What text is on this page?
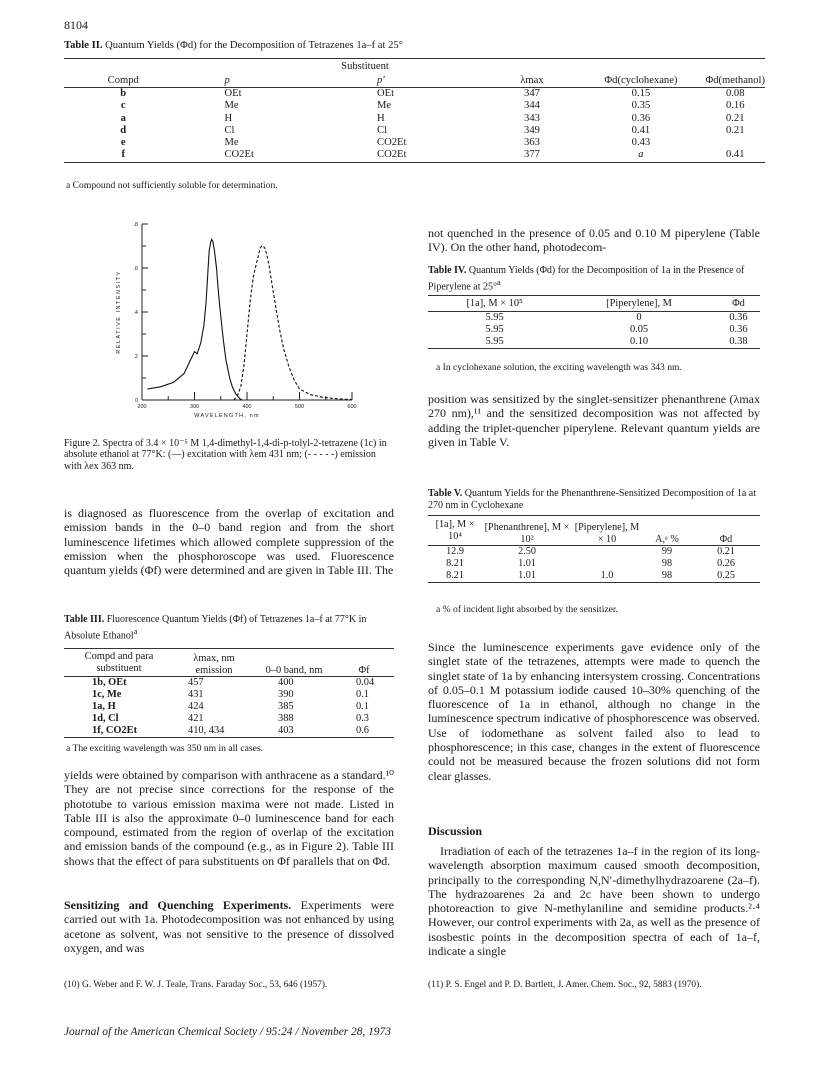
8104
Table II. Quantum Yields (Φd) for the Decomposition of Tetrazenes 1a–f at 25°
	Substituent				
Compd	p	p′	λmax	Φd(cyclohexane)	Φd(methanol)
b	OEt	OEt	347	0.15	0.08
c	Me	Me	344	0.35	0.16
a	H	H	343	0.36	0.21
d	Cl	Cl	349	0.41	0.21
e	Me	CO2Et	363	0.43	
f	CO2Et	CO2Et	377	a	0.41
a Compound not sufficiently soluble for determination.
.8
.6
.4
.2
0
200	300	400	500	600
WAVELENGTH, nm
RELATIVE INTENSITY
Figure 2. Spectra of 3.4 × 10⁻⁵ M 1,4-dimethyl-1,4-di-p-tolyl-2-tetrazene (1c) in absolute ethanol at 77°K: (—) excitation with λem 431 nm; (- - - - -) emission with λex 363 nm.
is diagnosed as fluorescence from the overlap of excitation and emission bands in the 0–0 band region and from the short luminescence lifetimes which allowed complete suppression of the emission when the phosphoroscope was used. Fluorescence quantum yields (Φf) were determined and are given in Table III. The
Table III. Fluorescence Quantum Yields (Φf) of Tetrazenes 1a–f at 77°K in Absolute Ethanol$^a$
Compd and para substituent	λmax, nm emission	0–0 band, nm	Φf
1b, OEt	457	400	0.04
1c, Me	431	390	0.1
1a, H	424	385	0.1
1d, Cl	421	388	0.3
1f, CO2Et	410, 434	403	0.6
a The exciting wavelength was 350 nm in all cases.
yields were obtained by comparison with anthracene as a standard.¹⁰ They are not precise since corrections for the response of the phototube to various emission maxima were not made. Listed in Table III is also the approximate 0–0 luminescence band for each compound, estimated from the region of overlap of the excitation and emission bands of the compound (e.g., as in Figure 2). Table III shows that the effect of para substituents on Φf parallels that on Φd.
Sensitizing and Quenching Experiments. Experiments were carried out with 1a. Photodecomposition was not enhanced by using acetone as solvent, was not sensitive to the presence of dissolved oxygen, and was
(10) G. Weber and F. W. J. Teale, Trans. Faraday Soc., 53, 646 (1957).
not quenched in the presence of 0.05 and 0.10 M piperylene (Table IV). On the other hand, photodecom-
Table IV. Quantum Yields (Φd) for the Decomposition of 1a in the Presence of Piperylene at 25°$^a$
[1a], M × 10⁵	[Piperylene], M	Φd
5.95	0	0.36
5.95	0.05	0.36
5.95	0.10	0.38
a In cyclohexane solution, the exciting wavelength was 343 nm.
position was sensitized by the singlet-sensitizer phenanthrene (λmax 270 nm),¹¹ and the sensitized decomposition was not affected by adding the triplet-quencher piperylene. Relevant quantum yields are given in Table V.
Table V. Quantum Yields for the Phenanthrene-Sensitized Decomposition of 1a at 270 nm in Cyclohexane
[1a], M × 10⁴	[Phenanthrene], M × 10²	[Piperylene], M × 10	A,ᵃ %	Φd
12.9	2.50		99	0.21
8.21	1.01		98	0.26
8.21	1.01	1.0	98	0.25
a % of incident light absorbed by the sensitizer.
Since the luminescence experiments gave evidence only of the singlet state of the tetrazenes, attempts were made to quench the singlet state of 1a by enhancing intersystem crossing. Concentrations of 0.05–0.1 M potassium iodide caused 10–30% quenching of the fluorescence of 1a in ethanol, although no change in the luminescence spectrum indicative of phosphorescence was observed. Use of iodomethane as solvent failed also to lead to phosphorescence; in this case, changes in the extent of fluorescence could not be measured because the frozen solutions did not form clear glasses.
Discussion
Irradiation of each of the tetrazenes 1a–f in the region of its long-wavelength absorption maximum caused smooth decomposition, principally to the corresponding N,N′-dimethylhydrazoarene (2a–f). The hydrazoarenes 2a and 2c have been shown to undergo photoreaction to give N-methylaniline and semidine products.²·⁴ However, our control experiments with 2a, as well as the presence of isosbestic points in the decomposition spectra of each of 1a–f, indicate a single
(11) P. S. Engel and P. D. Bartlett, J. Amer. Chem. Soc., 92, 5883 (1970).
Journal of the American Chemical Society / 95:24 / November 28, 1973
